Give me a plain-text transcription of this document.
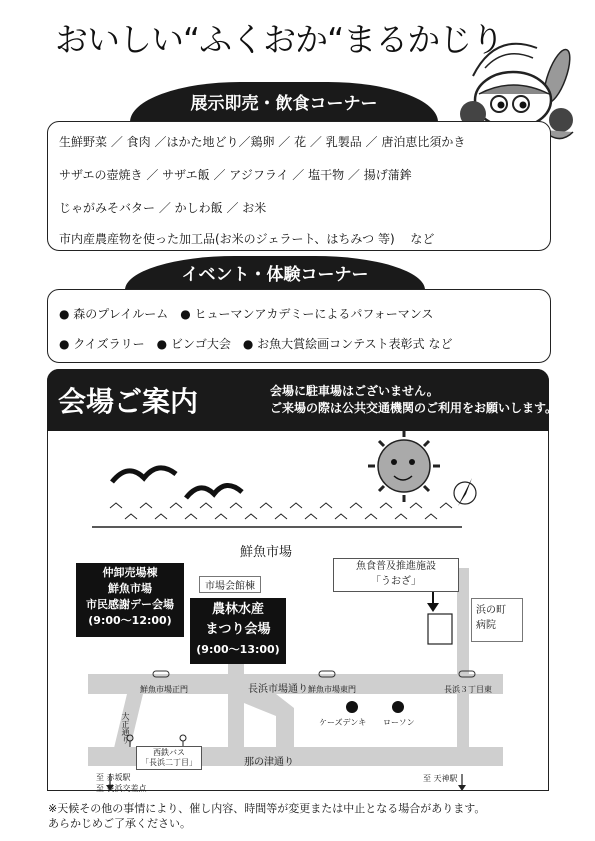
おいしい“ふくおか“まるかじり
展示即売・飲食コーナー
生鮮野菜 ／ 食肉 ／はかた地どり／鶏卵 ／ 花 ／ 乳製品 ／ 唐泊恵比須かき
サザエの壺焼き ／ サザエ飯 ／ アジフライ ／ 塩干物 ／ 揚げ蒲鉾
じゃがみそバター ／ かしわ飯 ／ お米
市内産農産物を使った加工品(お米のジェラート、はちみつ 等)　 など
イベント・体験コーナー
● 森のプレイルーム　● ヒューマンアカデミーによるパフォーマンス
● クイズラリー　● ビンゴ大会　● お魚大賞絵画コンテスト表彰式 など
会場ご案内	会場に駐車場はございません。
ご来場の際は公共交通機関のご利用をお願いします。
鮮魚市場
仲卸売場棟
鮮魚市場
市民感謝デー会場
(9:00～12:00)
市場会館棟
農林水産
まつり会場
(9:00～13:00)
魚食普及推進施設
「うおざ」
浜の町
病院
鮮魚市場正門	鮮魚市場東門	長浜３丁目東
長浜市場通り
那の津通り
大正通り	ケーズデンキ ローソン
西鉄バス
「長浜二丁目」
至 赤坂駅
至 長浜交差点
至 天神駅
※天候その他の事情により、催し内容、時間等が変更または中止となる場合があります。
あらかじめご了承ください。
